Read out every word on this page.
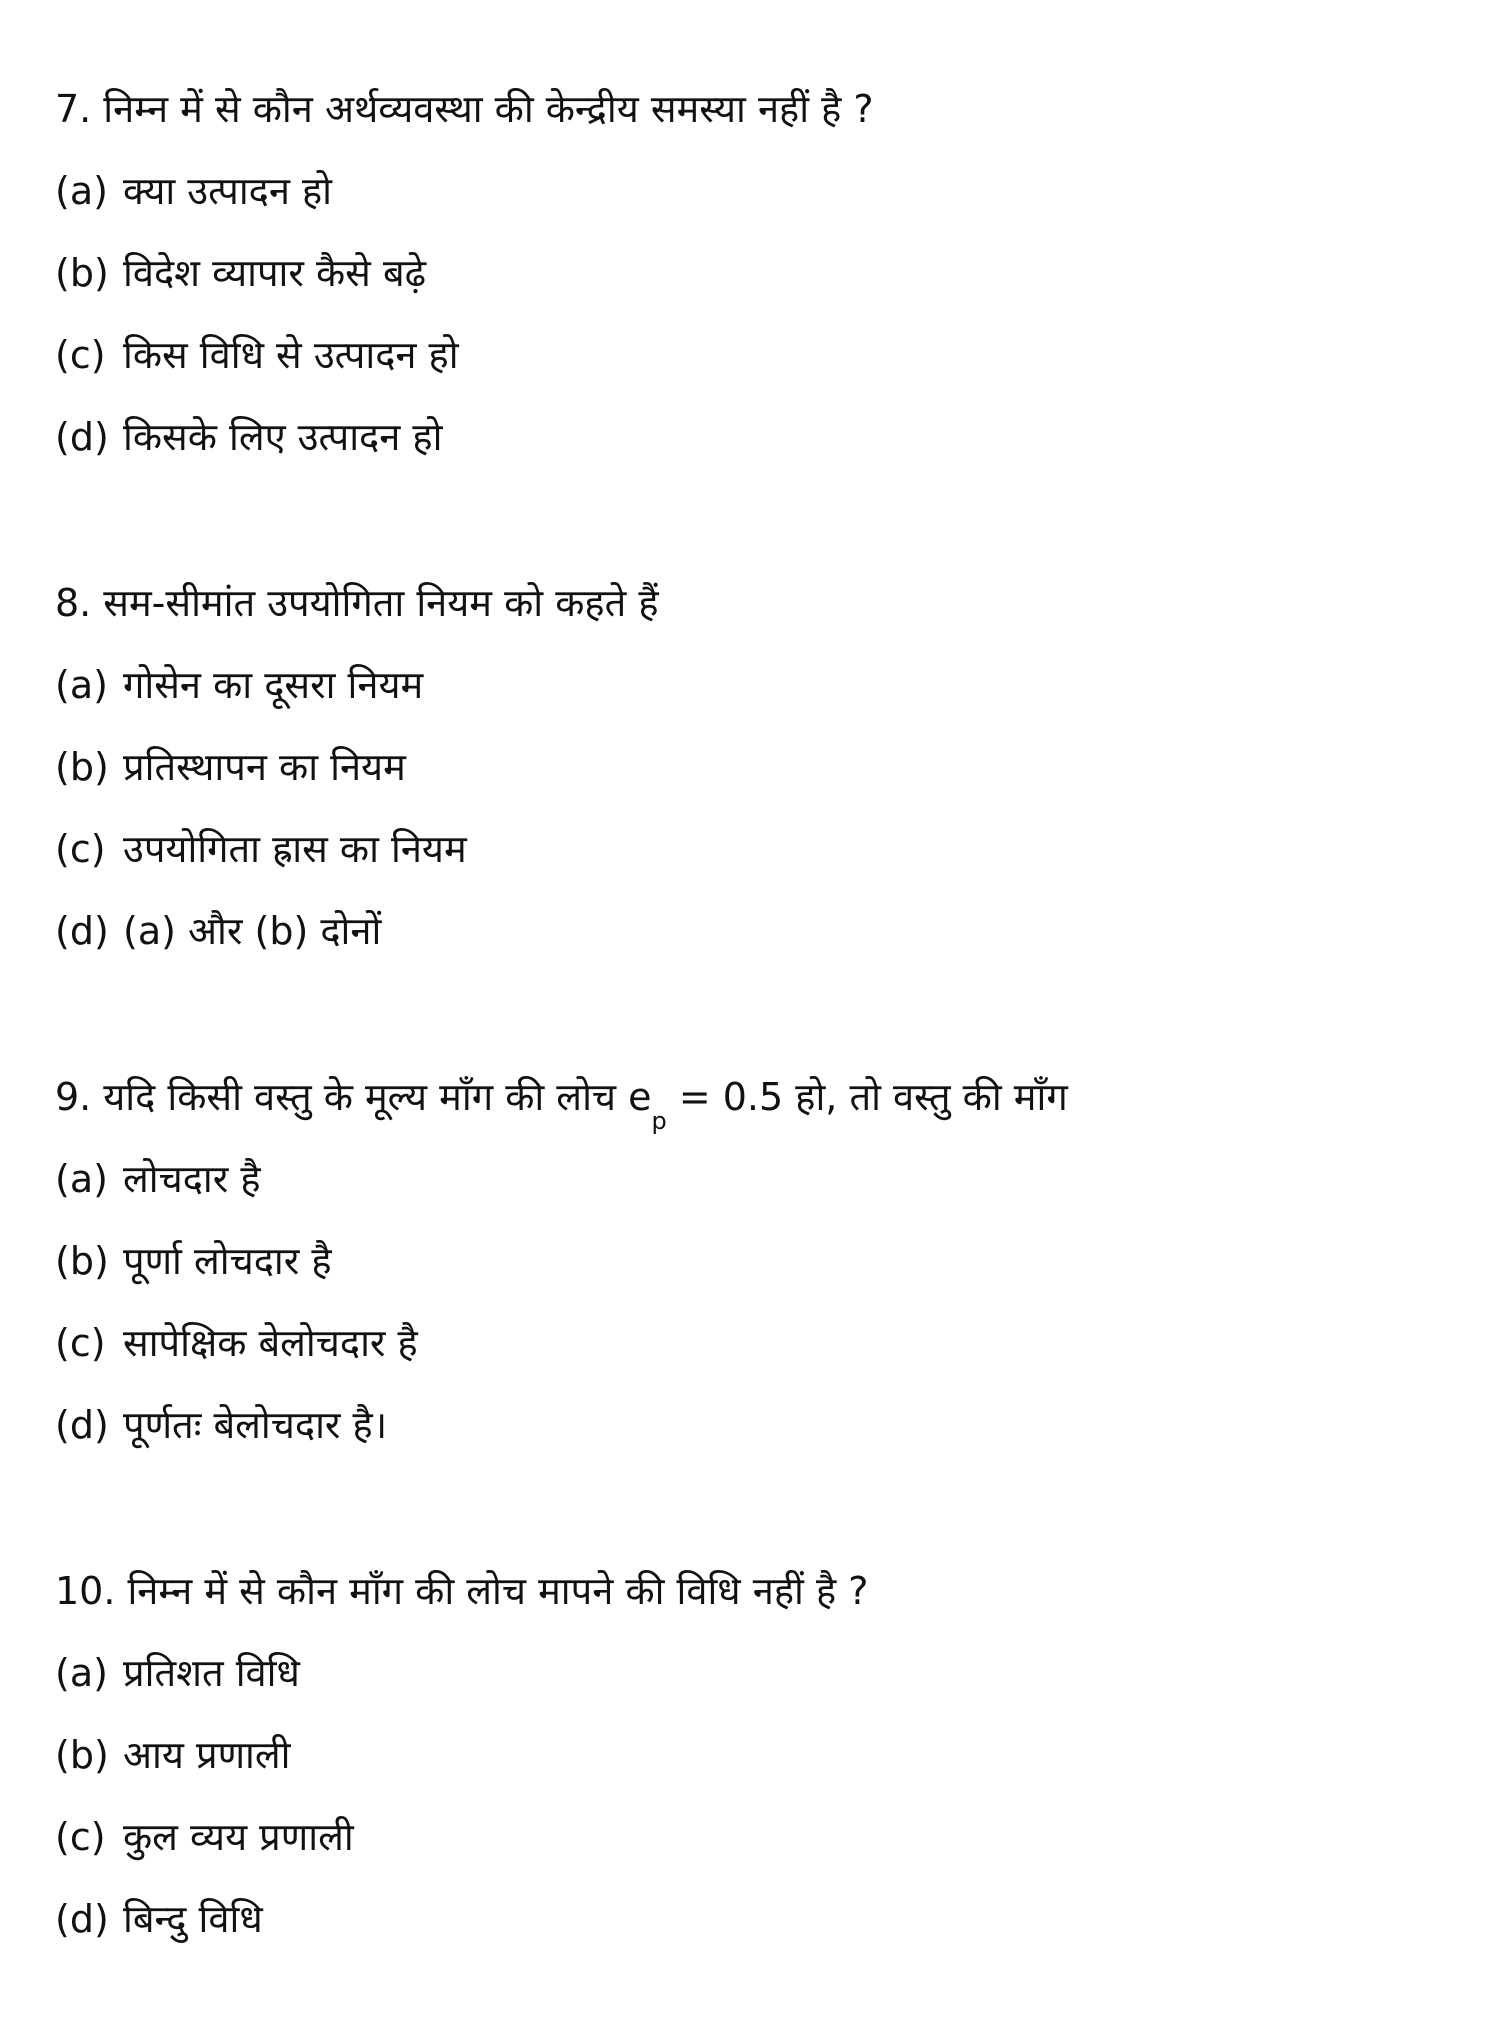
7. निम्न में से कौन अर्थव्यवस्था की केन्द्रीय समस्या नहीं है ?
(a) क्या उत्पादन हो
(b) विदेश व्यापार कैसे बढ़े
(c) किस विधि से उत्पादन हो
(d) किसके लिए उत्पादन हो
8. सम-सीमांत उपयोगिता नियम को कहते हैं
(a) गोसेन का दूसरा नियम
(b) प्रतिस्थापन का नियम
(c) उपयोगिता ह्रास का नियम
(d) (a) और (b) दोनों
9. यदि किसी वस्तु के मूल्य माँग की लोच $e_p = 0.5$ हो, तो वस्तु की माँग
(a) लोचदार है
(b) पूर्णा लोचदार है
(c) सापेक्षिक बेलोचदार है
(d) पूर्णतः बेलोचदार है।
10. निम्न में से कौन माँग की लोच मापने की विधि नहीं है ?
(a) प्रतिशत विधि
(b) आय प्रणाली
(c) कुल व्यय प्रणाली
(d) बिन्दु विधि
